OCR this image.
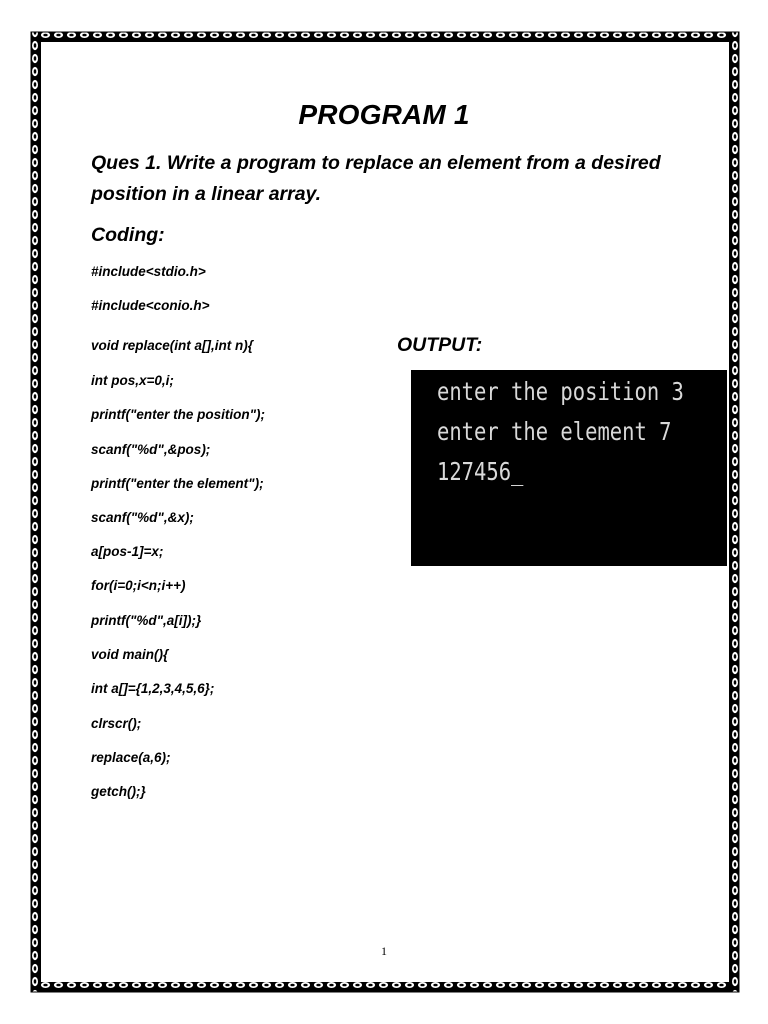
PROGRAM 1

Ques 1. Write a program to replace an element from a desired position in a linear array.

Coding:
#include<stdio.h>
#include<conio.h>
void replace(int a[],int n){
int pos,x=0,i;
printf("enter the position");
scanf("%d",&pos);
printf("enter the element");
scanf("%d",&x);
a[pos-1]=x;
for(i=0;i<n;i++)
printf("%d",a[i]);}
void main(){
int a[]={1,2,3,4,5,6};
clrscr();
replace(a,6);
getch();}
OUTPUT:
enter the position 3
enter the element 7
127456_
1
